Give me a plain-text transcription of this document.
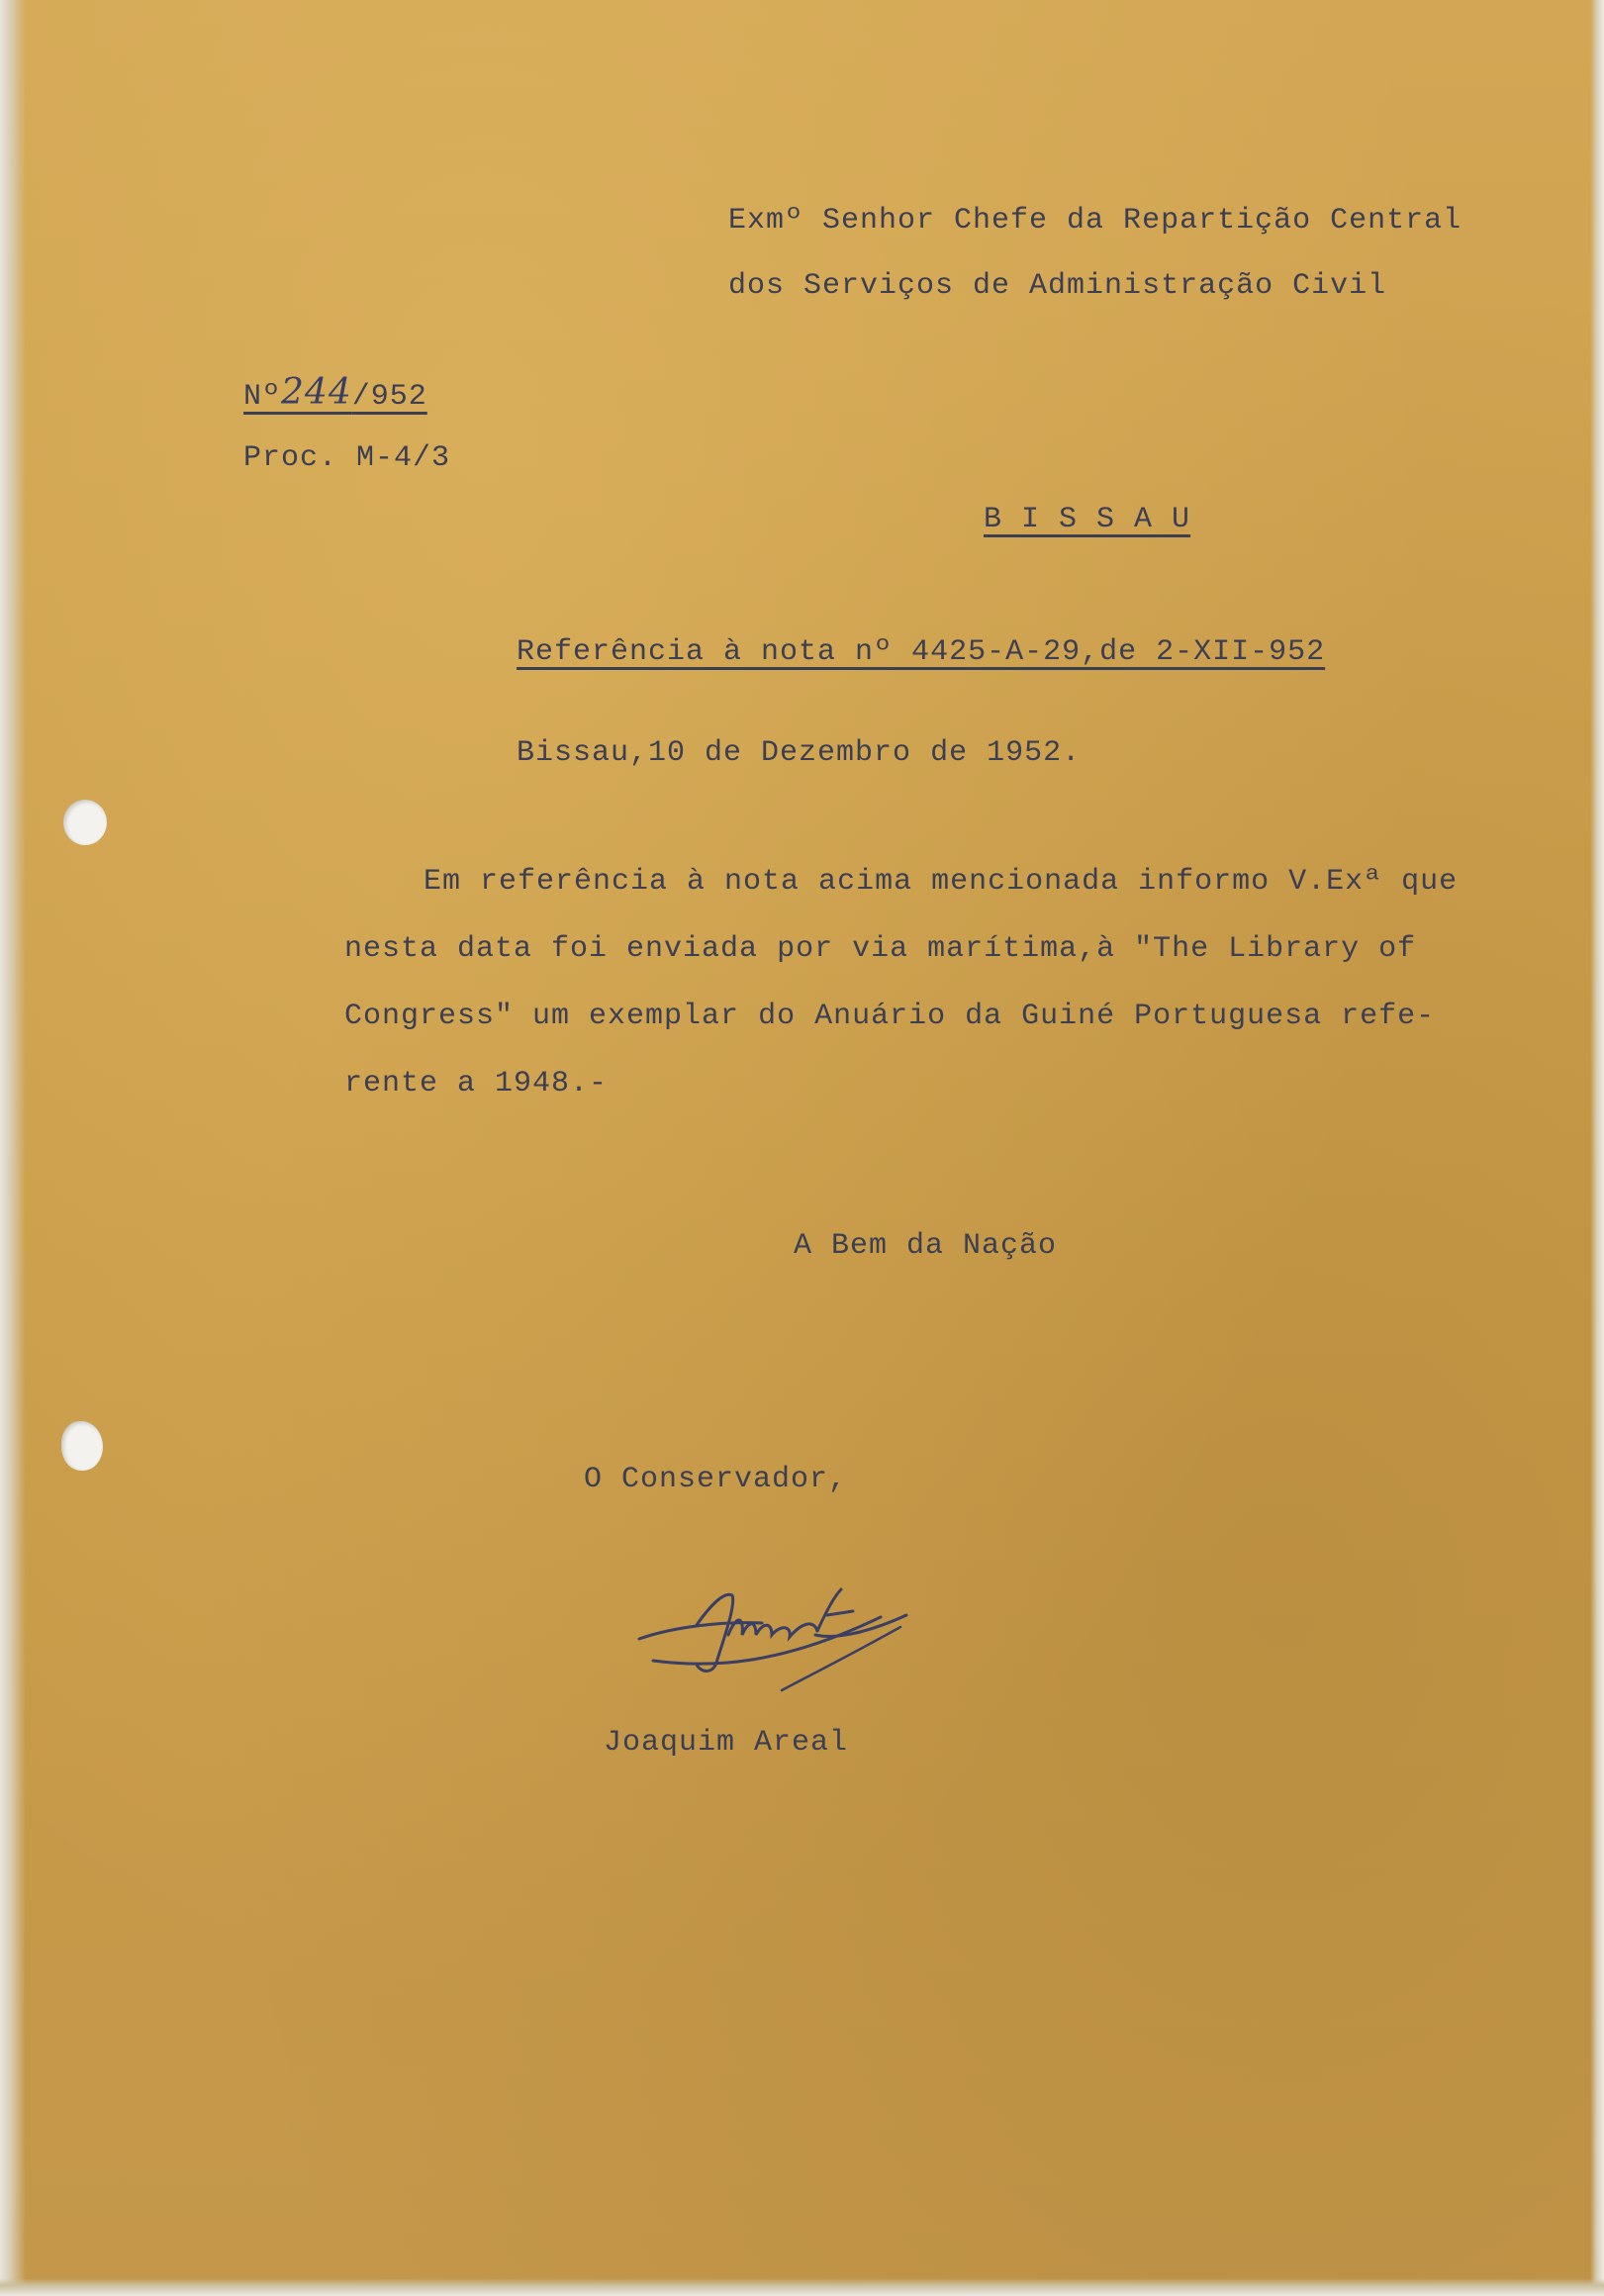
Exmº Senhor Chefe da Repartição Central

dos Serviços de Administração Civil

Nº244/952

Proc. M-4/3

B I S S A U

Referência à nota nº 4425-A-29,de 2-XII-952

Bissau,10 de Dezembro de 1952.

Em referência à nota acima mencionada informo V.Exª que

nesta data foi enviada por via marítima,à "The Library of

Congress" um exemplar do Anuário da Guiné Portuguesa refe-

rente a 1948.-

A Bem da Nação

O Conservador,

Joaquim Areal
